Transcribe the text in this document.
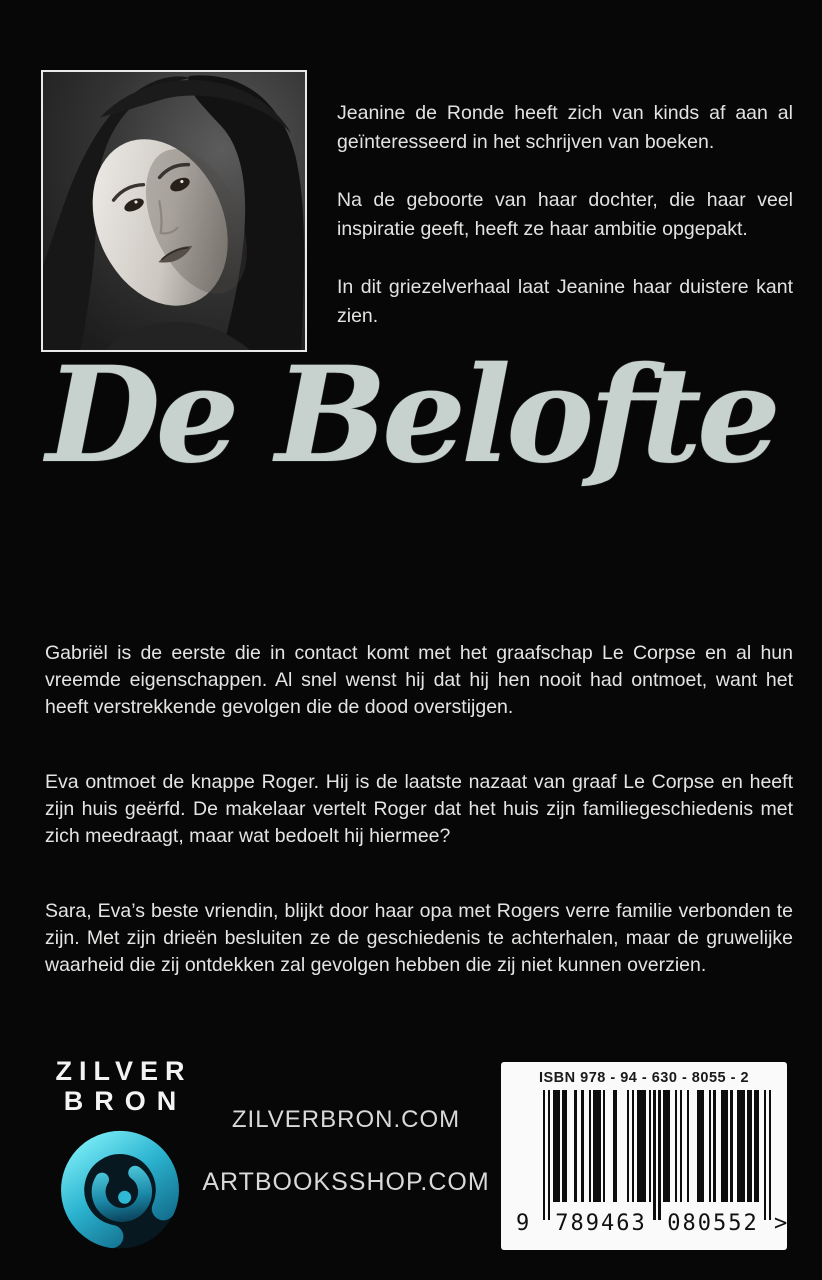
Jeanine de Ronde heeft zich van kinds af aan al geïnteresseerd in het schrijven van boeken.

Na de geboorte van haar dochter, die haar veel inspiratie geeft, heeft ze haar ambitie opgepakt.

In dit griezelverhaal laat Jeanine haar duistere kant zien.

De Belofte

Gabriël is de eerste die in contact komt met het graafschap Le Corpse en al hun vreemde eigenschappen. Al snel wenst hij dat hij hen nooit had ontmoet, want het heeft verstrekkende gevolgen die de dood overstijgen.

Eva ontmoet de knappe Roger. Hij is de laatste nazaat van graaf Le Corpse en heeft zijn huis geërfd. De makelaar vertelt Roger dat het huis zijn familiegeschiedenis met zich meedraagt, maar wat bedoelt hij hiermee?

Sara, Eva’s beste vriendin, blijkt door haar opa met Rogers verre familie verbonden te zijn. Met zijn drieën besluiten ze de geschiedenis te achterhalen, maar de gruwelijke waarheid die zij ontdekken zal gevolgen hebben die zij niet kunnen overzien.

ZILVER
BRON
ZILVERBRON.COM
ARTBOOKSSHOP.COM
ISBN 978 - 94 - 630 - 8055 - 2
9 789463 080552 >
